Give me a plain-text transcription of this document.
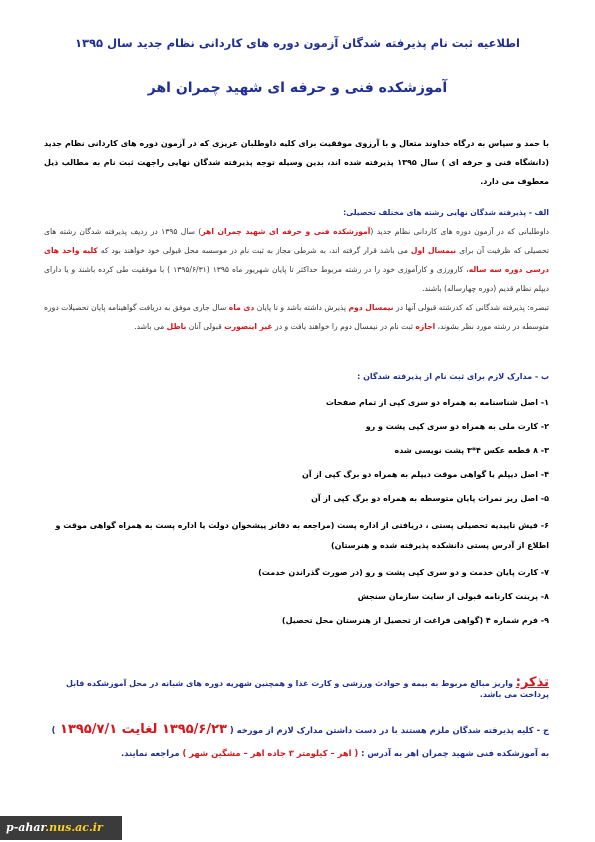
اطلاعیه ثبت نام پذیرفته شدگان آزمون دوره های کاردانی نظام جدید سال ۱۳۹۵
آموزشکده فنی و حرفه ای شهید چمران اهر
با حمد و سپاس به درگاه خداوند متعال و با آرزوی موفقیت برای کلیه داوطلبان عزیزی که در آزمون دوره های کاردانی نظام جدید (دانشگاه فنی و حرفه ای ) سال ۱۳۹۵ پذیرفته شده اند، بدین وسیله توجه پذیرفته شدگان نهایی راجهت ثبت نام به مطالب ذیل معطوف می دارد.
الف - پذیرفته شدگان نهایی رشته های مختلف تحصیلی:
داوطلبانی که در آزمون دوره های کاردانی نظام جدید (آموزشکده فنی و حرفه ای شهید چمران اهر) سال ۱۳۹۵ در ردیف پذیرفته شدگان رشته های تحصیلی که ظرفیت آن برای نیمسال اول می باشد قرار گرفته اند، به شرطی مجاز به ثبت نام در موسسه محل قبولی خود خواهند بود که کلیه واحد های درسی دوره سه ساله، کارورزی و کارآموزی خود را در رشته مربوط حداکثر تا پایان شهریور ماه ۱۳۹۵ (۱۳۹۵/۶/۳۱ ) با موفقیت طی کرده باشند و یا دارای دیپلم نظام قدیم (دوره چهارساله) باشند.
تبصره: پذیرفته شدگانی که کدرشته قبولی آنها در نیمسال دوم پذیرش داشته باشد و تا پایان دی ماه سال جاری موفق به دریافت گواهینامه پایان تحصیلات دوره متوسطه در رشته مورد نظر بشوند، اجازه ثبت نام در نیمسال دوم را خواهند یافت و در غیر اینصورت قبولی آنان باطل می باشد.
ب - مدارک لازم برای ثبت نام از پذیرفته شدگان :
۱- اصل شناسنامه به همراه دو سری کپی از تمام صفحات
۲- کارت ملی به همراه دو سری کپی پشت و رو
۳- ۸ قطعه عکس ۴*۳ پشت نویسی شده
۴- اصل دیپلم یا گواهی موقت دیپلم به همراه دو برگ کپی از آن
۵- اصل ریز نمرات پایان متوسطه به همراه دو برگ کپی از آن
۶- فیش تاییدیه تحصیلی پستی ، دریافتی از اداره پست (مراجعه به دفاتر پیشخوان دولت یا اداره پست به همراه گواهی موقت و اطلاع از آدرس پستی دانشکده پذیرفته شده و هنرستان)
۷- کارت پایان خدمت و دو سری کپی پشت و رو (در صورت گذراندن خدمت)
۸- پرینت کارنامه قبولی از سایت سازمان سنجش
۹- فرم شماره ۴ (گواهی فراغت از تحصیل از هنرستان محل تحصیل)
تذکر: واریز مبالغ مربوط به بیمه و حوادث ورزشی و کارت غذا و همچنین شهریه دوره های شبانه در محل آموزشکده قابل پرداخت می باشد.
ج - کلیه پذیرفته شدگان ملزم هستند با در دست داشتن مدارک لازم از مورخه ( ۱۳۹۵/۶/۲۳ لغایت ۱۳۹۵/۷/۱ )
به آموزشکده فنی شهید چمران اهر به آدرس : ( اهر – کیلومتر ۳ جاده اهر – مشگین شهر ) مراجعه نمایند.
p-ahar.nus.ac.ir
